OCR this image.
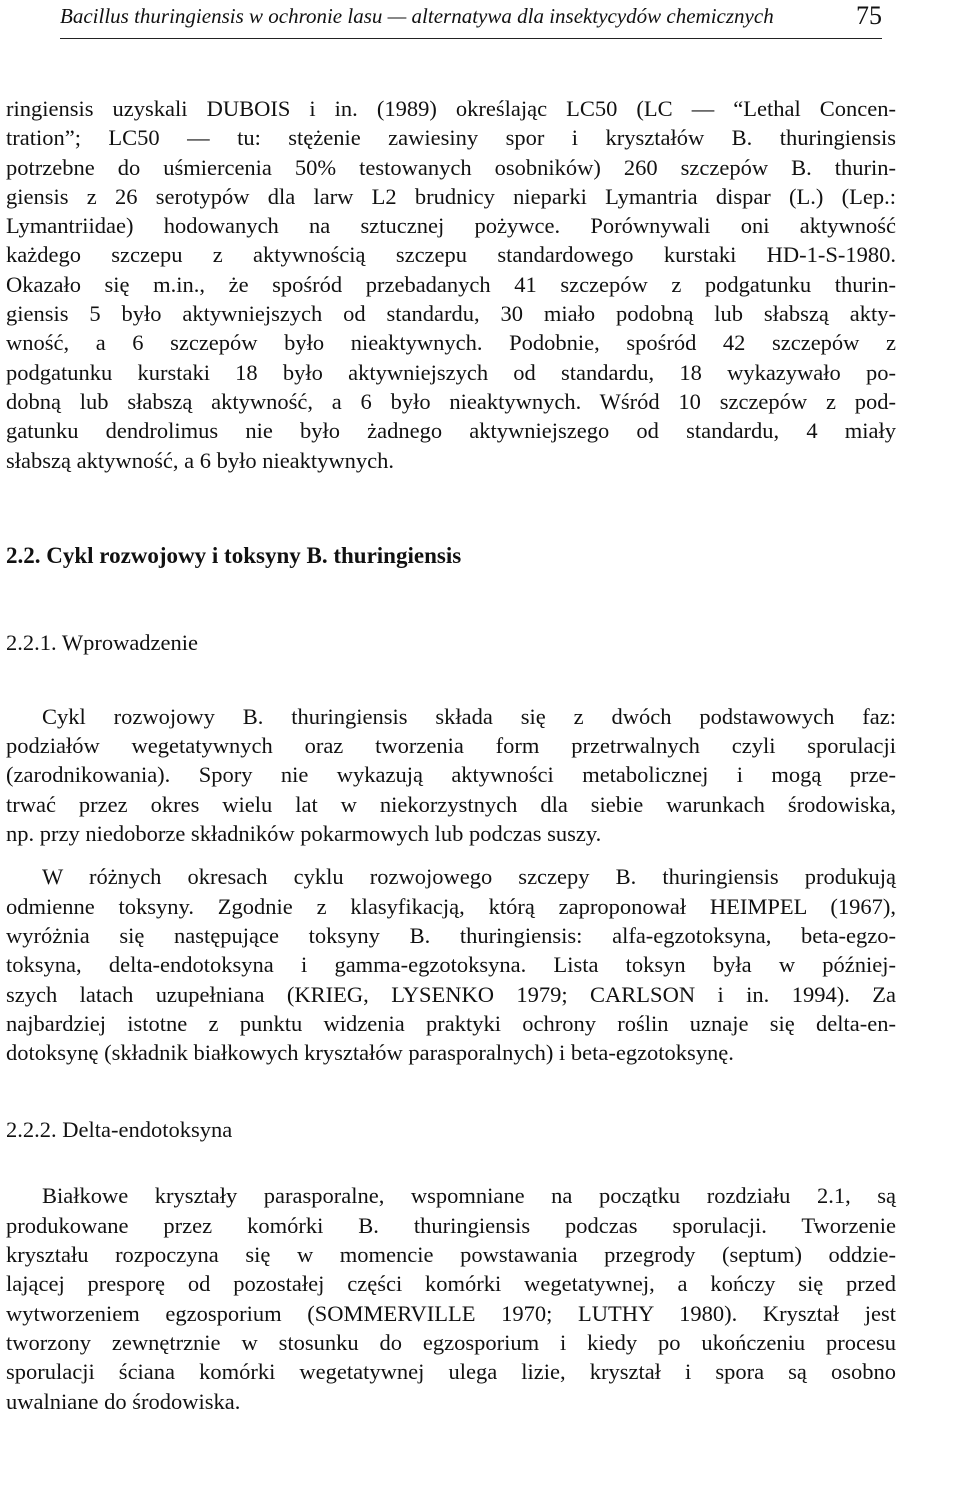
Bacillus thuringiensis w ochronie lasu — alternatywa dla insektycydów chemicznych	75
ringiensis uzyskali DUBOIS i in. (1989) określając LC50 (LC — “Lethal Concen-
tration”; LC50 — tu: stężenie zawiesiny spor i kryształów B. thuringiensis
potrzebne do uśmiercenia 50% testowanych osobników) 260 szczepów B. thurin-
giensis z 26 serotypów dla larw L2 brudnicy nieparki Lymantria dispar (L.) (Lep.:
Lymantriidae) hodowanych na sztucznej pożywce. Porównywali oni aktywność
każdego szczepu z aktywnością szczepu standardowego kurstaki HD-1-S-1980.
Okazało się m.in., że spośród przebadanych 41 szczepów z podgatunku thurin-
giensis 5 było aktywniejszych od standardu, 30 miało podobną lub słabszą akty-
wność, a 6 szczepów było nieaktywnych. Podobnie, spośród 42 szczepów z
podgatunku kurstaki 18 było aktywniejszych od standardu, 18 wykazywało po-
dobną lub słabszą aktywność, a 6 było nieaktywnych. Wśród 10 szczepów z pod-
gatunku dendrolimus nie było żadnego aktywniejszego od standardu, 4 miały
słabszą aktywność, a 6 było nieaktywnych.
2.2. Cykl rozwojowy i toksyny B. thuringiensis
2.2.1. Wprowadzenie
Cykl rozwojowy B. thuringiensis składa się z dwóch podstawowych faz:
podziałów wegetatywnych oraz tworzenia form przetrwalnych czyli sporulacji
(zarodnikowania). Spory nie wykazują aktywności metabolicznej i mogą prze-
trwać przez okres wielu lat w niekorzystnych dla siebie warunkach środowiska,
np. przy niedoborze składników pokarmowych lub podczas suszy.
W różnych okresach cyklu rozwojowego szczepy B. thuringiensis produkują
odmienne toksyny. Zgodnie z klasyfikacją, którą zaproponował HEIMPEL (1967),
wyróżnia się następujące toksyny B. thuringiensis: alfa-egzotoksyna, beta-egzo-
toksyna, delta-endotoksyna i gamma-egzotoksyna. Lista toksyn była w później-
szych latach uzupełniana (KRIEG, LYSENKO 1979; CARLSON i in. 1994). Za
najbardziej istotne z punktu widzenia praktyki ochrony roślin uznaje się delta-en-
dotoksynę (składnik białkowych kryształów parasporalnych) i beta-egzotoksynę.
2.2.2. Delta-endotoksyna
Białkowe kryształy parasporalne, wspomniane na początku rozdziału 2.1, są
produkowane przez komórki B. thuringiensis podczas sporulacji. Tworzenie
kryształu rozpoczyna się w momencie powstawania przegrody (septum) oddzie-
lającej presporę od pozostałej części komórki wegetatywnej, a kończy się przed
wytworzeniem egzosporium (SOMMERVILLE 1970; LUTHY 1980). Kryształ jest
tworzony zewnętrznie w stosunku do egzosporium i kiedy po ukończeniu procesu
sporulacji ściana komórki wegetatywnej ulega lizie, kryształ i spora są osobno
uwalniane do środowiska.
